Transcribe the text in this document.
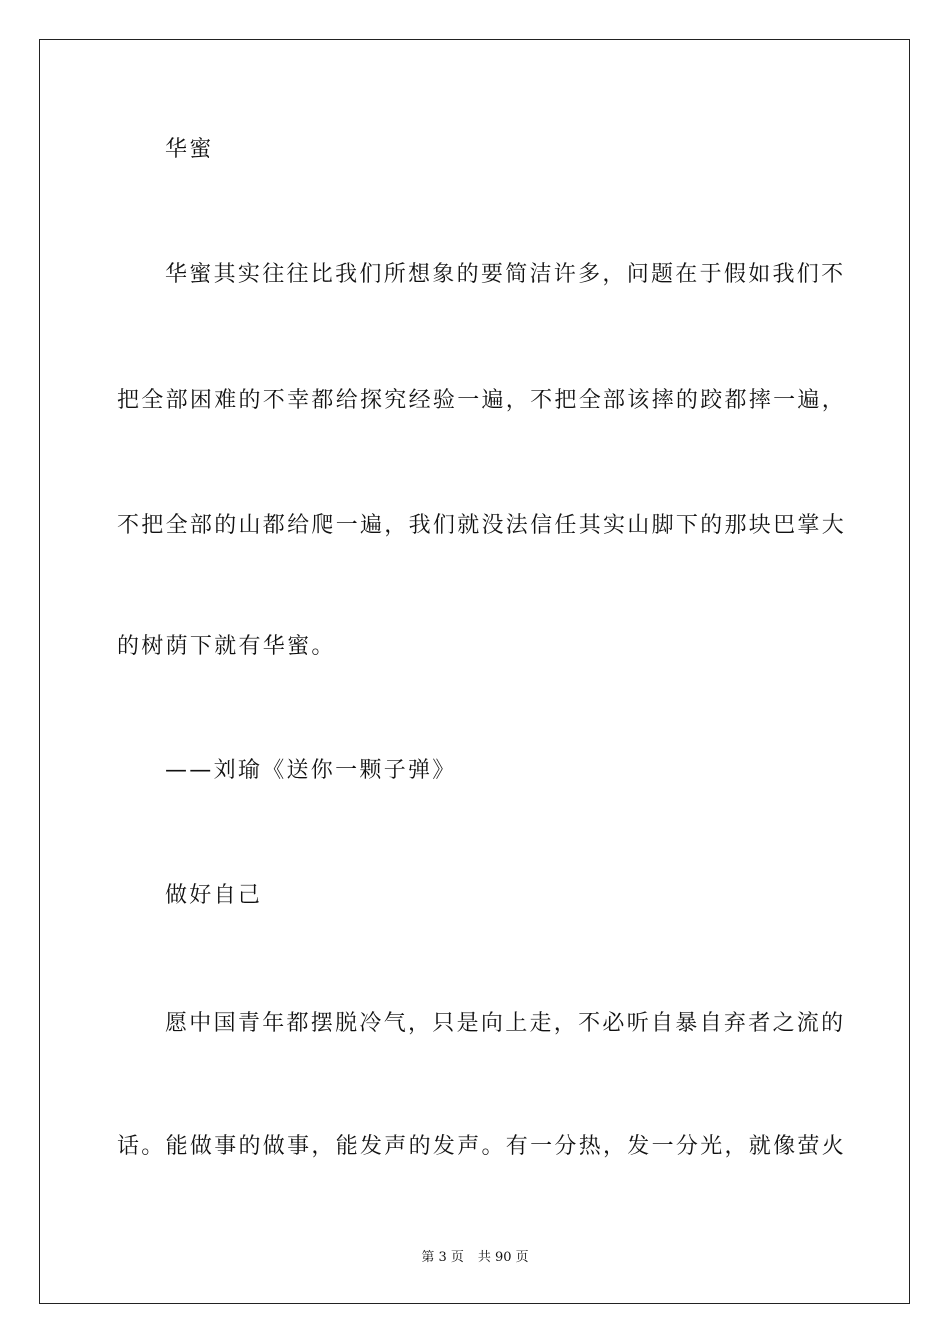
华蜜
华蜜其实往往比我们所想象的要简洁许多，问题在于假如我们不
把全部困难的不幸都给探究经验一遍，不把全部该摔的跤都摔一遍，
不把全部的山都给爬一遍，我们就没法信任其实山脚下的那块巴掌大
的树荫下就有华蜜。
——刘瑜《送你一颗子弹》
做好自己
愿中国青年都摆脱冷气，只是向上走，不必听自暴自弃者之流的
话。能做事的做事，能发声的发声。有一分热，发一分光，就像萤火
第 3 页 共 90 页
